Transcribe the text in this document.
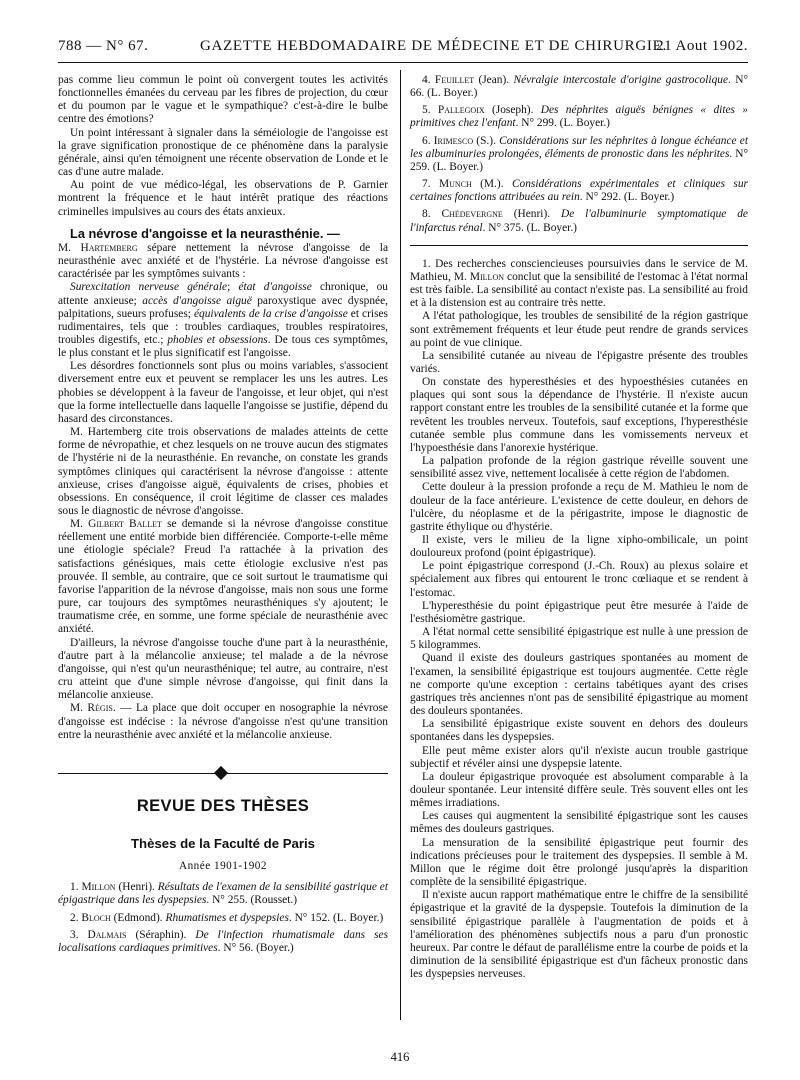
788 — N° 67.	GAZETTE HEBDOMADAIRE DE MÉDECINE ET DE CHIRURGIE.
21 Aout 1902.

pas comme lieu commun le point où convergent toutes les activités fonctionnelles émanées du cerveau par les fibres de projection, du cœur et du poumon par le vague et le sympathique? c'est-à-dire le bulbe centre des émotions?

Un point intéressant à signaler dans la séméiologie de l'angoisse est la grave signification pronostique de ce phénomène dans la paralysie générale, ainsi qu'en témoignent une récente observation de Londe et le cas d'une autre malade.

Au point de vue médico-légal, les observations de P. Garnier montrent la fréquence et le haut intérêt pratique des réactions criminelles impulsives au cours des états anxieux.

La névrose d'angoisse et la neurasthénie. —

M. Hartemberg sépare nettement la névrose d'angoisse de la neurasthénie avec anxiété et de l'hystérie. La névrose d'angoisse est caractérisée par les symptômes suivants :

Surexcitation nerveuse générale; état d'angoisse chronique, ou attente anxieuse; accès d'angoisse aiguë paroxystique avec dyspnée, palpitations, sueurs profuses; équivalents de la crise d'angoisse et crises rudimentaires, tels que : troubles cardiaques, troubles respiratoires, troubles digestifs, etc.; phobies et obsessions. De tous ces symptômes, le plus constant et le plus significatif est l'angoisse.

Les désordres fonctionnels sont plus ou moins variables, s'associent diversement entre eux et peuvent se remplacer les uns les autres. Les phobies se développent à la faveur de l'angoisse, et leur objet, qui n'est que la forme intellectuelle dans laquelle l'angoisse se justifie, dépend du hasard des circonstances.

M. Hartemberg cite trois observations de malades atteints de cette forme de névropathie, et chez lesquels on ne trouve aucun des stigmates de l'hystérie ni de la neurasthénie. En revanche, on constate les grands symptômes cliniques qui caractérisent la névrose d'angoisse : attente anxieuse, crises d'angoisse aiguë, équivalents de crises, phobies et obsessions. En conséquence, il croit légitime de classer ces malades sous le diagnostic de névrose d'angoisse.

M. Gilbert Ballet se demande si la névrose d'angoisse constitue réellement une entité morbide bien différenciée. Comporte-t-elle même une étiologie spéciale? Freud l'a rattachée à la privation des satisfactions génésiques, mais cette étiologie exclusive n'est pas prouvée. Il semble, au contraire, que ce soit surtout le traumatisme qui favorise l'apparition de la névrose d'angoisse, mais non sous une forme pure, car toujours des symptômes neurasthéniques s'y ajoutent; le traumatisme crée, en somme, une forme spéciale de neurasthénie avec anxiété.

D'ailleurs, la névrose d'angoisse touche d'une part à la neurasthénie, d'autre part à la mélancolie anxieuse; tel malade a de la névrose d'angoisse, qui n'est qu'un neurasthénique; tel autre, au contraire, n'est cru atteint que d'une simple névrose d'angoisse, qui finit dans la mélancolie anxieuse.

M. Régis. — La place que doit occuper en nosographie la névrose d'angoisse est indécise : la névrose d'angoisse n'est qu'une transition entre la neurasthénie avec anxiété et la mélancolie anxieuse.

REVUE DES THÈSES
Thèses de la Faculté de Paris
Année 1901-1902

1. Millon (Henri). Résultats de l'examen de la sensibilité gastrique et épigastrique dans les dyspepsies. N° 255. (Rousset.)

2. Bloch (Edmond). Rhumatismes et dyspepsies. N° 152. (L. Boyer.)

3. Dalmais (Séraphin). De l'infection rhumatismale dans ses localisations cardiaques primitives. N° 56. (Boyer.)

4. Feuillet (Jean). Névralgie intercostale d'origine gastrocolique. N° 66. (L. Boyer.)

5. Pallegoix (Joseph). Des néphrites aiguës bénignes « dites » primitives chez l'enfant. N° 299. (L. Boyer.)

6. Irimesco (S.). Considérations sur les néphrites à longue échéance et les albuminuries prolongées, éléments de pronostic dans les néphrites. N° 259. (L. Boyer.)

7. Munch (M.). Considérations expérimentales et cliniques sur certaines fonctions attribuées au rein. N° 292. (L. Boyer.)

8. Chédevergne (Henri). De l'albuminurie symptomatique de l'infarctus rénal. N° 375. (L. Boyer.)

1. Des recherches consciencieuses poursuivies dans le service de M. Mathieu, M. Millon conclut que la sensibilité de l'estomac à l'état normal est très faible. La sensibilité au contact n'existe pas. La sensibilité au froid et à la distension est au contraire très nette.

A l'état pathologique, les troubles de sensibilité de la région gastrique sont extrêmement fréquents et leur étude peut rendre de grands services au point de vue clinique.

La sensibilité cutanée au niveau de l'épigastre présente des troubles variés.

On constate des hyperesthésies et des hypoesthésies cutanées en plaques qui sont sous la dépendance de l'hystérie. Il n'existe aucun rapport constant entre les troubles de la sensibilité cutanée et la forme que revêtent les troubles nerveux. Toutefois, sauf exceptions, l'hyperesthésie cutanée semble plus commune dans les vomissements nerveux et l'hypoesthésie dans l'anorexie hystérique.

La palpation profonde de la région gastrique réveille souvent une sensibilité assez vive, nettement localisée à cette région de l'abdomen.

Cette douleur à la pression profonde a reçu de M. Mathieu le nom de douleur de la face antérieure. L'existence de cette douleur, en dehors de l'ulcère, du néoplasme et de la périgastrite, impose le diagnostic de gastrite éthylique ou d'hystérie.

Il existe, vers le milieu de la ligne xipho-ombilicale, un point douloureux profond (point épigastrique).

Le point épigastrique correspond (J.-Ch. Roux) au plexus solaire et spécialement aux fibres qui entourent le tronc cœliaque et se rendent à l'estomac.

L'hyperesthésie du point épigastrique peut être mesurée à l'aide de l'esthésiomètre gastrique.

A l'état normal cette sensibilité épigastrique est nulle à une pression de 5 kilogrammes.

Quand il existe des douleurs gastriques spontanées au moment de l'examen, la sensibilité épigastrique est toujours augmentée. Cette règle ne comporte qu'une exception : certains tabétiques ayant des crises gastriques très anciennes n'ont pas de sensibilité épigastrique au moment des douleurs spontanées.

La sensibilité épigastrique existe souvent en dehors des douleurs spontanées dans les dyspepsies.

Elle peut même exister alors qu'il n'existe aucun trouble gastrique subjectif et révéler ainsi une dyspepsie latente.

La douleur épigastrique provoquée est absolument comparable à la douleur spontanée. Leur intensité diffère seule. Très souvent elles ont les mêmes irradiations.

Les causes qui augmentent la sensibilité épigastrique sont les causes mêmes des douleurs gastriques.

La mensuration de la sensibilité épigastrique peut fournir des indications précieuses pour le traitement des dyspepsies. Il semble à M. Millon que le régime doit être prolongé jusqu'après la disparition complète de la sensibilité épigastrique.

Il n'existe aucun rapport mathématique entre le chiffre de la sensibilité épigastrique et la gravité de la dyspepsie. Toutefois la diminution de la sensibilité épigastrique parallèle à l'augmentation de poids et à l'amélioration des phénomènes subjectifs nous a paru d'un pronostic heureux. Par contre le défaut de parallélisme entre la courbe de poids et la diminution de la sensibilité épigastrique est d'un fâcheux pronostic dans les dyspepsies nerveuses.

416
